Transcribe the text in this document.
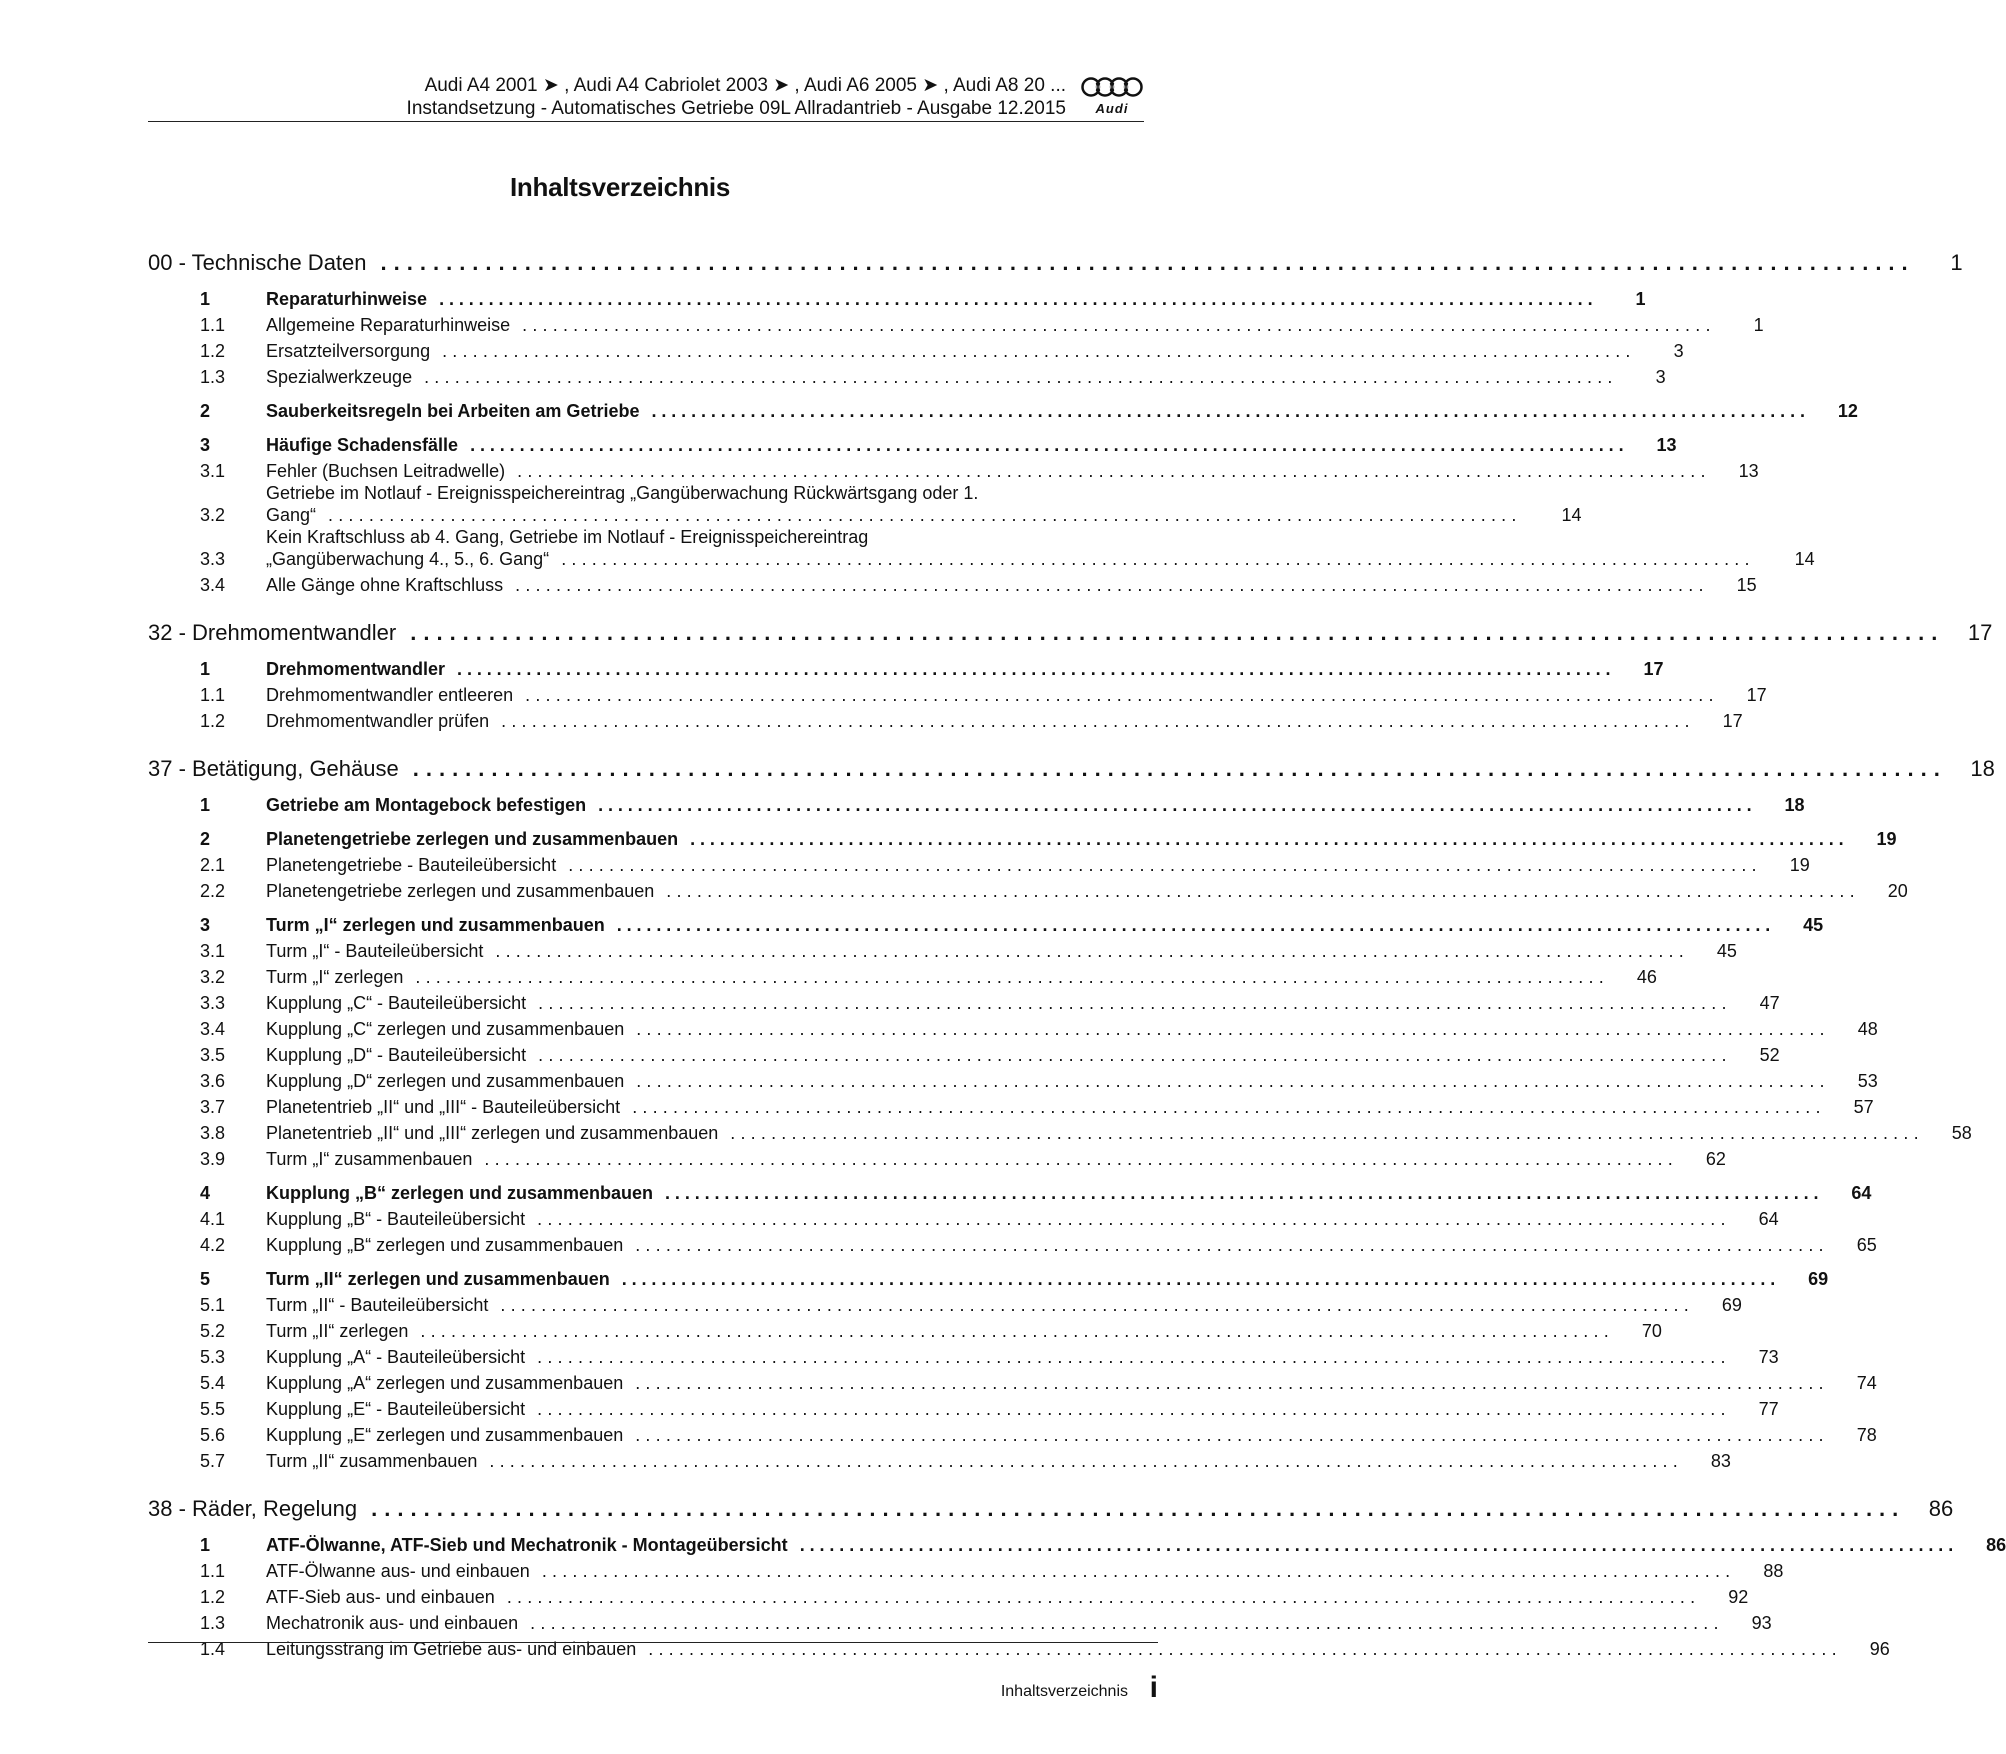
Audi A4 2001 ➤ , Audi A4 Cabriolet 2003 ➤ , Audi A6 2005 ➤ , Audi A8 20 ...
Instandsetzung - Automatisches Getriebe 09L Allradantrieb - Ausgabe 12.2015	Audi
Inhaltsverzeichnis
00 - Technische Daten .....................................................................................................................	1
1	Reparaturhinweise .....................................................................................................................	1
1.1	Allgemeine Reparaturhinweise .....................................................................................................................	1
1.2	Ersatzteilversorgung .....................................................................................................................	3
1.3	Spezialwerkzeuge .....................................................................................................................	3
2	Sauberkeitsregeln bei Arbeiten am Getriebe .....................................................................................................................	12
3	Häufige Schadensfälle .....................................................................................................................	13
3.1	Fehler (Buchsen Leitradwelle) .....................................................................................................................	13
3.2
Getriebe im Notlauf - Ereignisspeichereintrag „Gangüberwachung Rückwärtsgang oder 1.
Gang“ .....................................................................................................................	14
3.3
Kein Kraftschluss ab 4. Gang, Getriebe im Notlauf - Ereignisspeichereintrag
„Gangüberwachung 4., 5., 6. Gang“ .....................................................................................................................	14
3.4	Alle Gänge ohne Kraftschluss .....................................................................................................................	15
32 - Drehmomentwandler .....................................................................................................................	17
1	Drehmomentwandler .....................................................................................................................	17
1.1	Drehmomentwandler entleeren .....................................................................................................................	17
1.2	Drehmomentwandler prüfen .....................................................................................................................	17
37 - Betätigung, Gehäuse .....................................................................................................................	18
1	Getriebe am Montagebock befestigen .....................................................................................................................	18
2	Planetengetriebe zerlegen und zusammenbauen .....................................................................................................................	19
2.1	Planetengetriebe - Bauteileübersicht .....................................................................................................................	19
2.2	Planetengetriebe zerlegen und zusammenbauen .....................................................................................................................	20
3	Turm „I“ zerlegen und zusammenbauen .....................................................................................................................	45
3.1	Turm „I“ - Bauteileübersicht .....................................................................................................................	45
3.2	Turm „I“ zerlegen .....................................................................................................................	46
3.3	Kupplung „C“ - Bauteileübersicht .....................................................................................................................	47
3.4	Kupplung „C“ zerlegen und zusammenbauen .....................................................................................................................	48
3.5	Kupplung „D“ - Bauteileübersicht .....................................................................................................................	52
3.6	Kupplung „D“ zerlegen und zusammenbauen .....................................................................................................................	53
3.7	Planetentrieb „II“ und „III“ - Bauteileübersicht .....................................................................................................................	57
3.8	Planetentrieb „II“ und „III“ zerlegen und zusammenbauen .....................................................................................................................	58
3.9	Turm „I“ zusammenbauen .....................................................................................................................	62
4	Kupplung „B“ zerlegen und zusammenbauen .....................................................................................................................	64
4.1	Kupplung „B“ - Bauteileübersicht .....................................................................................................................	64
4.2	Kupplung „B“ zerlegen und zusammenbauen .....................................................................................................................	65
5	Turm „II“ zerlegen und zusammenbauen .....................................................................................................................	69
5.1	Turm „II“ - Bauteileübersicht .....................................................................................................................	69
5.2	Turm „II“ zerlegen .....................................................................................................................	70
5.3	Kupplung „A“ - Bauteileübersicht .....................................................................................................................	73
5.4	Kupplung „A“ zerlegen und zusammenbauen .....................................................................................................................	74
5.5	Kupplung „E“ - Bauteileübersicht .....................................................................................................................	77
5.6	Kupplung „E“ zerlegen und zusammenbauen .....................................................................................................................	78
5.7	Turm „II“ zusammenbauen .....................................................................................................................	83
38 - Räder, Regelung .....................................................................................................................	86
1	ATF-Ölwanne, ATF-Sieb und Mechatronik - Montageübersicht .....................................................................................................................	86
1.1	ATF-Ölwanne aus- und einbauen .....................................................................................................................	88
1.2	ATF-Sieb aus- und einbauen .....................................................................................................................	92
1.3	Mechatronik aus- und einbauen .....................................................................................................................	93
1.4	Leitungsstrang im Getriebe aus- und einbauen .....................................................................................................................	96
Inhaltsverzeichnis i
